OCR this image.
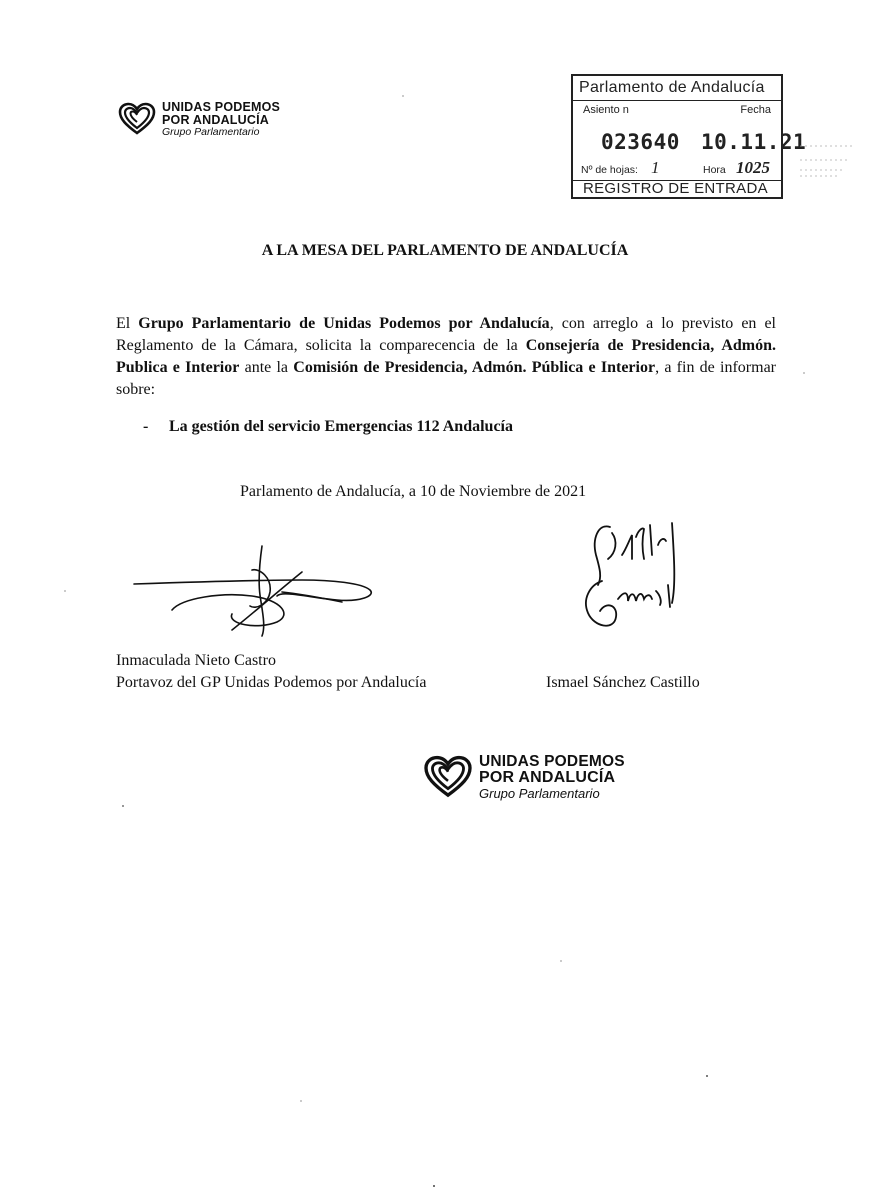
UNIDAS PODEMOS
POR ANDALUCÍA
Grupo Parlamentario
Parlamento de Andalucía
Asiento n	Fecha
023640 10.11.21
Nº de hojas: 1	Hora 1025
REGISTRO DE ENTRADA
A LA MESA DEL PARLAMENTO DE ANDALUCÍA
El Grupo Parlamentario de Unidas Podemos por Andalucía, con arreglo a lo previsto en el Reglamento de la Cámara, solicita la comparecencia de la Consejería de Presidencia, Admón. Publica e Interior ante la Comisión de Presidencia, Admón. Pública e Interior, a fin de informar sobre:
- La gestión del servicio Emergencias 112 Andalucía
Parlamento de Andalucía, a 10 de Noviembre de 2021
Inmaculada Nieto Castro
Portavoz del GP Unidas Podemos por Andalucía	Ismael Sánchez Castillo
UNIDAS PODEMOS
POR ANDALUCÍA
Grupo Parlamentario
